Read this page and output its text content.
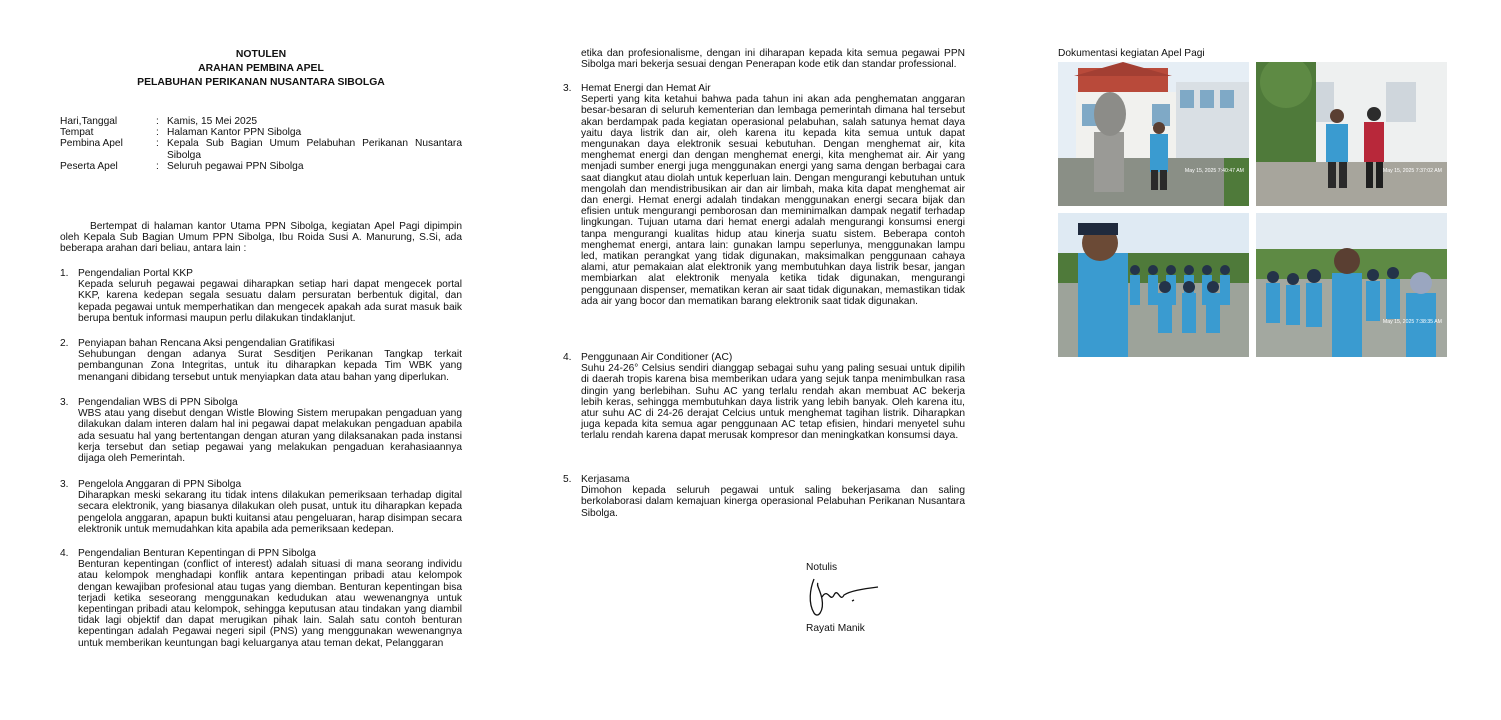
NOTULEN
ARAHAN PEMBINA APEL
PELABUHAN PERIKANAN NUSANTARA SIBOLGA
Hari,Tanggal	: Kamis, 15 Mei 2025
Tempat	: Halaman Kantor PPN Sibolga
Pembina Apel	: Kepala Sub Bagian Umum Pelabuhan Perikanan Nusantara Sibolga
Peserta Apel	: Seluruh pegawai PPN Sibolga

Bertempat di halaman kantor Utama PPN Sibolga, kegiatan Apel Pagi dipimpin oleh Kepala Sub Bagian Umum PPN Sibolga, Ibu Roida Susi A. Manurung, S.Si, ada beberapa arahan dari beliau, antara lain :

1. Pengendalian Portal KKP
Kepada seluruh pegawai pegawai diharapkan setiap hari dapat mengecek portal KKP, karena kedepan segala sesuatu dalam persuratan berbentuk digital, dan kepada pegawai untuk memperhatikan dan mengecek apakah ada surat masuk baik berupa bentuk informasi maupun perlu dilakukan tindaklanjut.
2. Penyiapan bahan Rencana Aksi pengendalian Gratifikasi
Sehubungan dengan adanya Surat Sesditjen Perikanan Tangkap terkait pembangunan Zona Integritas, untuk itu diharapkan kepada Tim WBK yang menangani dibidang tersebut untuk menyiapkan data atau bahan yang diperlukan.
3. Pengendalian WBS di PPN Sibolga
WBS atau yang disebut dengan Wistle Blowing Sistem merupakan pengaduan yang dilakukan dalam interen dalam hal ini pegawai dapat melakukan pengaduan apabila ada sesuatu hal yang bertentangan dengan aturan yang dilaksanakan pada instansi kerja tersebut dan setiap pegawai yang melakukan pengaduan kerahasiaannya dijaga oleh Pemerintah.
3. Pengelola Anggaran di PPN Sibolga
Diharapkan meski sekarang itu tidak intens dilakukan pemeriksaan terhadap digital secara elektronik, yang biasanya dilakukan oleh pusat, untuk itu diharapkan kepada pengelola anggaran, apapun bukti kuitansi atau pengeluaran, harap disimpan secara elektronik untuk memudahkan kita apabila ada pemeriksaan kedepan.
4. Pengendalian Benturan Kepentingan di PPN Sibolga
Benturan kepentingan (conflict of interest) adalah situasi di mana seorang individu atau kelompok menghadapi konflik antara kepentingan pribadi atau kelompok dengan kewajiban profesional atau tugas yang diemban. Benturan kepentingan bisa terjadi ketika seseorang menggunakan kedudukan atau wewenangnya untuk kepentingan pribadi atau kelompok, sehingga keputusan atau tindakan yang diambil tidak lagi objektif dan dapat merugikan pihak lain. Salah satu contoh benturan kepentingan adalah Pegawai negeri sipil (PNS) yang menggunakan wewenangnya untuk memberikan keuntungan bagi keluarganya atau teman dekat, Pelanggaran

etika dan profesionalisme, dengan ini diharapan kepada kita semua pegawai PPN Sibolga mari bekerja sesuai dengan Penerapan kode etik dan standar professional.

3. Hemat Energi dan Hemat Air
Seperti yang kita ketahui bahwa pada tahun ini akan ada penghematan anggaran besar-besaran di seluruh kementerian dan lembaga pemerintah dimana hal tersebut akan berdampak pada kegiatan operasional pelabuhan, salah satunya hemat daya yaitu daya listrik dan air, oleh karena itu kepada kita semua untuk dapat mengunakan daya elektronik sesuai kebutuhan. Dengan menghemat air, kita menghemat energi dan dengan menghemat energi, kita menghemat air. Air yang menjadi sumber energi juga menggunakan energi yang sama dengan berbagai cara saat diangkut atau diolah untuk keperluan lain. Dengan mengurangi kebutuhan untuk mengolah dan mendistribusikan air dan air limbah, maka kita dapat menghemat air dan energi. Hemat energi adalah tindakan menggunakan energi secara bijak dan efisien untuk mengurangi pemborosan dan meminimalkan dampak negatif terhadap lingkungan. Tujuan utama dari hemat energi adalah mengurangi konsumsi energi tanpa mengurangi kualitas hidup atau kinerja suatu sistem. Beberapa contoh menghemat energi, antara lain: gunakan lampu seperlunya, menggunakan lampu led, matikan perangkat yang tidak digunakan, maksimalkan penggunaan cahaya alami, atur pemakaian alat elektronik yang membutuhkan daya listrik besar, jangan membiarkan alat elektronik menyala ketika tidak digunakan, mengurangi penggunaan dispenser, mematikan keran air saat tidak digunakan, memastikan tidak ada air yang bocor dan mematikan barang elektronik saat tidak digunakan.
4. Penggunaan Air Conditioner (AC)
Suhu 24-26° Celsius sendiri dianggap sebagai suhu yang paling sesuai untuk dipilih di daerah tropis karena bisa memberikan udara yang sejuk tanpa menimbulkan rasa dingin yang berlebihan. Suhu AC yang terlalu rendah akan membuat AC bekerja lebih keras, sehingga membutuhkan daya listrik yang lebih banyak. Oleh karena itu, atur suhu AC di 24-26 derajat Celcius untuk menghemat tagihan listrik. Diharapkan juga kepada kita semua agar penggunaan AC tetap efisien, hindari menyetel suhu terlalu rendah karena dapat merusak kompresor dan meningkatkan konsumsi daya.
5. Kerjasama
Dimohon kepada seluruh pegawai untuk saling bekerjasama dan saling berkolaborasi dalam kemajuan kinerga operasional Pelabuhan Perikanan Nusantara Sibolga.
Notulis
Rayati Manik
Dokumentasi kegiatan Apel Pagi
May 15, 2025 7:40:47 AM	May 15, 2025 7:37:02 AM
May 15, 2025 7:38:35 AM
